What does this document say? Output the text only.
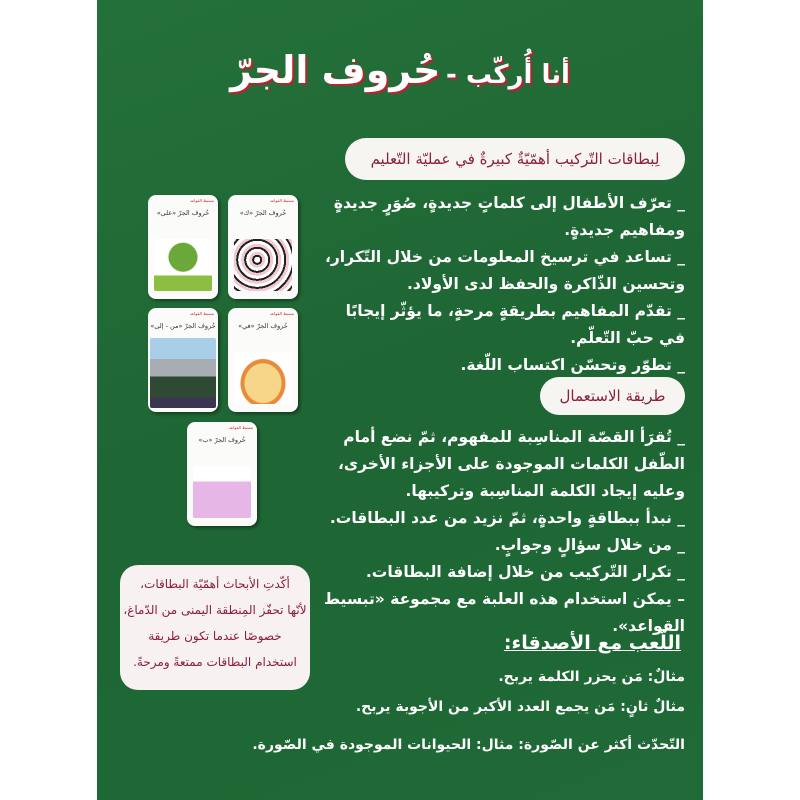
أنا أُركّب - حُروف الجرّ
لِبطاقات التّركيب أهمّيّةٌ كبيرةٌ في عمليّة التّعليم

_ تعرّف الأطفال إلى كلماتٍ جديدةٍ، صُوَرٍ جديدةٍ ومفاهيم جديدةٍ.

_ تساعد في ترسيخ المعلومات من خلال التّكرار، وتحسين الذّاكرة والحفظ لدى الأولاد.

_ تقدّم المفاهيم بطريقةٍ مرحةٍ، ما يؤثّر إيجابًا في حبّ التّعلّم.

_ تطوّر وتحسّن اكتساب اللّغة.

طريقة الاستعمال

_ تُقرَأ القصّة المناسِبة للمفهوم، ثمّ نضع أمام الطّفل الكلمات الموجودة على الأجزاء الأخرى، وعليه إيجاد الكلمة المناسِبة وتركيبها.

_ نبدأ ببطاقةٍ واحدةٍ، ثمّ نزيد من عدد البطاقات.

_ من خلال سؤالٍ وجوابٍ.

_ تكرار التّركيب من خلال إضافة البطاقات.

– يمكن استخدام هذه العلبة مع مجموعة «تبسيط القواعد».

اللّعب مع الأصدقاء:

مثالٌ: مَن يحزر الكلمة يربح.

مثالٌ ثانٍ: مَن يجمع العدد الأكبر من الأجوبة يربح.

التّحدّث أكثر عن الصّورة: مثال: الحيوانات الموجودة في الصّورة.
تبسيط القواعد
حُروف الجرّ «ك»
تبسيط القواعد
حُروف الجرّ «على»
تبسيط القواعد
حُروف الجرّ «في»
تبسيط القواعد
حُروف الجرّ «من - إلى»
تبسيط القواعد
حُروف الجرّ «ب»
أكّدتِ الأبحاث أهمّيّة البطاقات،
لأنّها تحفّز المِنطقة اليمنى من الدّماغ،
خصوصًا عندما تكون طريقة
استخدام البطاقات ممتعةً ومرحةً.
